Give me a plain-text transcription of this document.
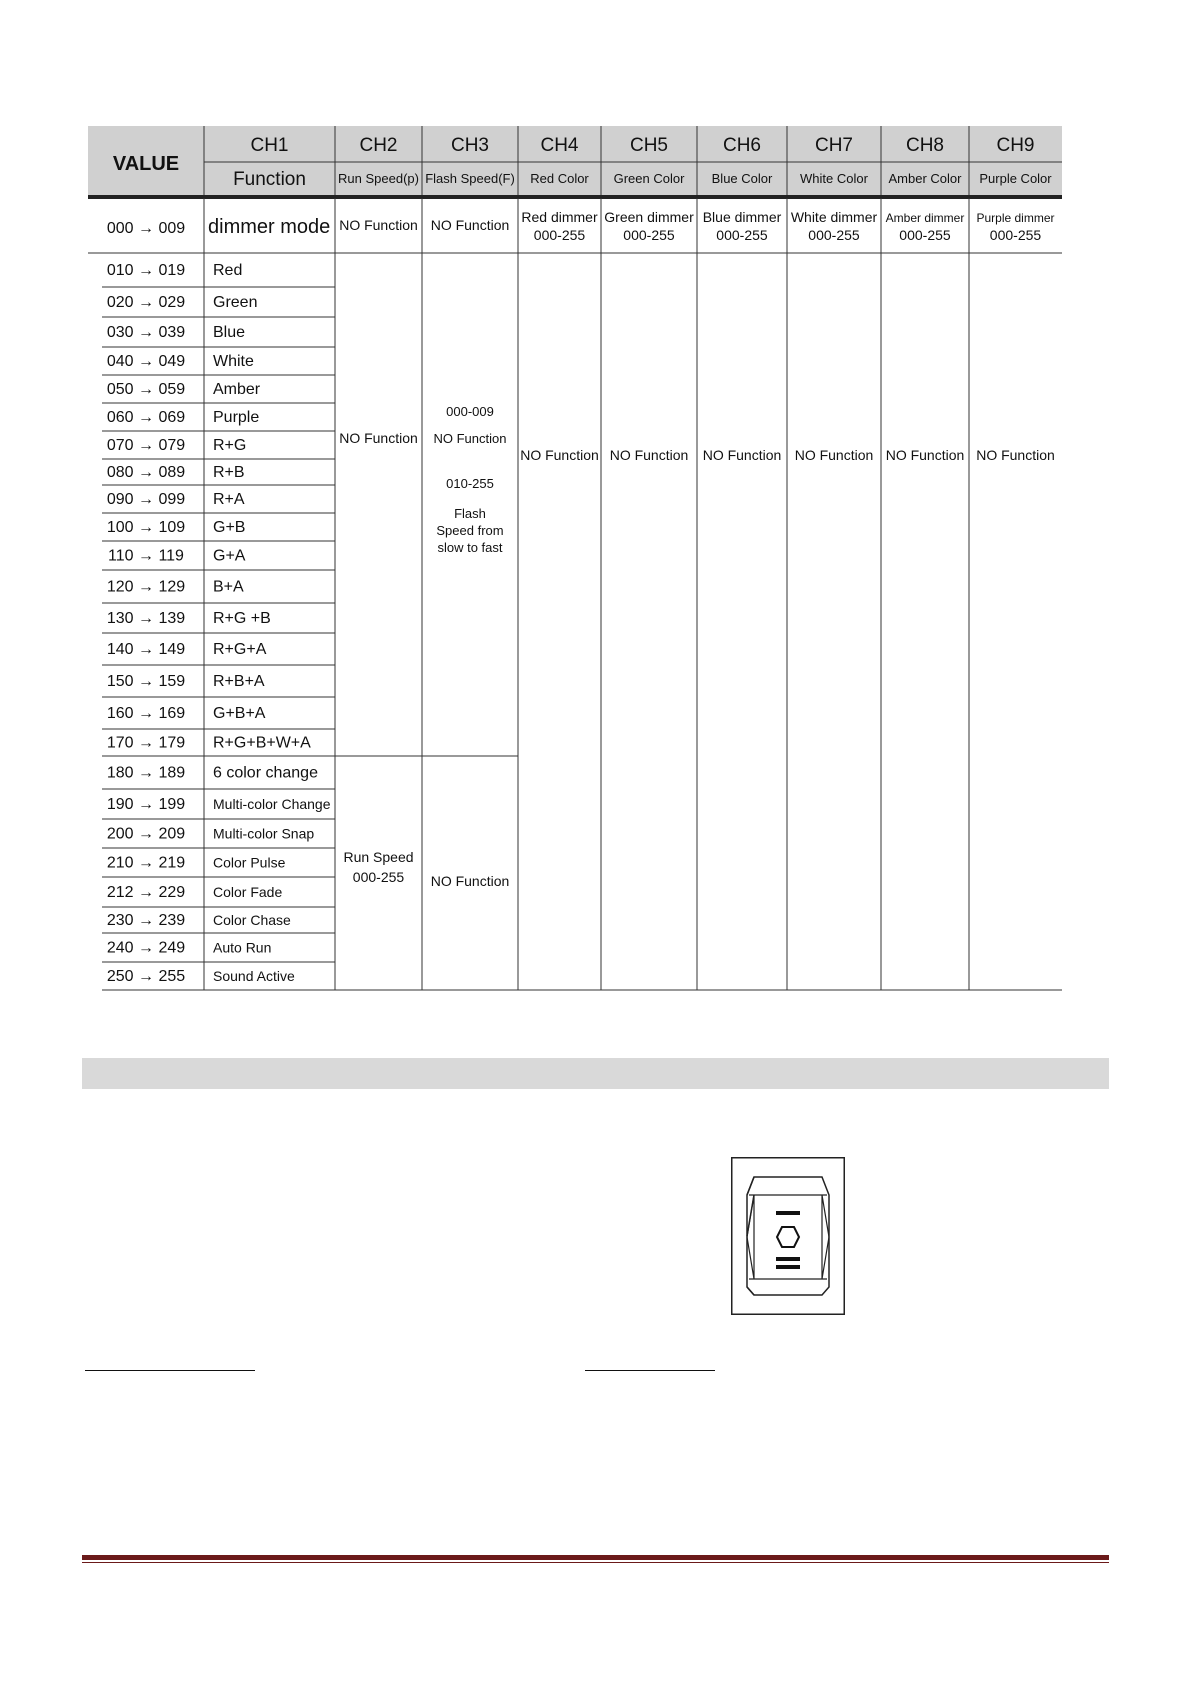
VALUE
CH1
Function
CH2
Run Speed(p)
CH3
Flash Speed(F)
CH4
Red Color
CH5
Green Color
CH6
Blue Color
CH7
White Color
CH8
Amber Color
CH9
Purple Color
000 → 009 dimmer mode NO Function NO Function Red dimmer
000-255
Green dimmer
000-255
Blue dimmer
000-255
White dimmer
000-255
Amber dimmer
000-255
Purple dimmer
000-255
010 → 019 Red
020 → 029 Green
030 → 039 Blue
040 → 049 White
050 → 059 Amber
060 → 069 Purple
070 → 079 R+G
080 → 089 R+B
090 → 099 R+A
100 → 109 G+B
110 → 119 G+A
120 → 129 B+A
130 → 139 R+G +B
140 → 149 R+G+A
150 → 159 R+B+A
160 → 169 G+B+A
170 → 179 R+G+B+W+A
180 → 189 6 color change
190 → 199 Multi-color Change
200 → 209 Multi-color Snap
210 → 219 Color Pulse
212 → 229 Color Fade
230 → 239 Color Chase
240 → 249 Auto Run
250 → 255 Sound Active
NO Function
Run Speed
000-255
000-009
NO Function
010-255
Flash
Speed from
slow to fast
NO Function
NO Function NO Function NO Function NO Function NO Function NO Function
